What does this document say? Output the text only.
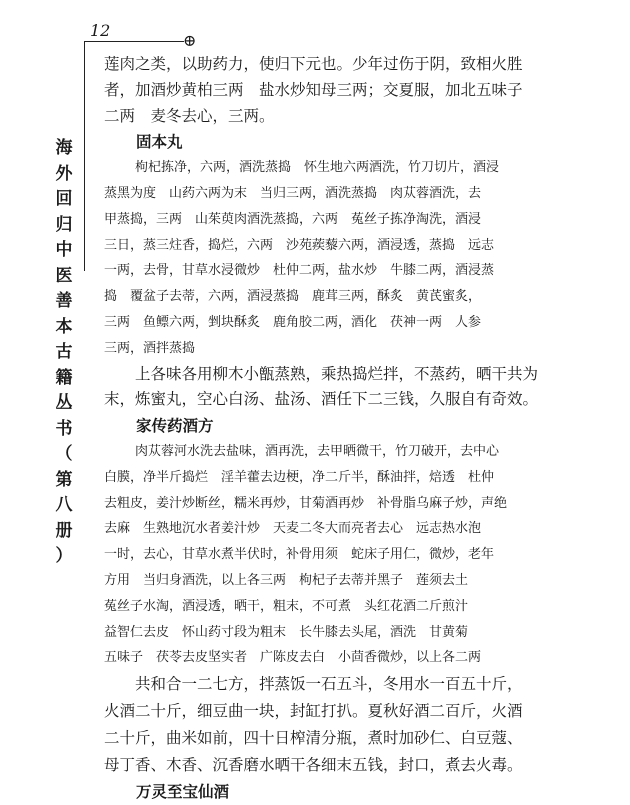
12
⊕
海
外
回
归
中
医
善
本
古
籍
丛
书
（
第
八
册
）
莲肉之类，以助药力，使归下元也。少年过伤于阴，致相火胜
者，加酒炒黄柏三两　盐水炒知母三两；交夏服，加北五味子
二两　麦冬去心，三两。
固本丸
枸杞拣净，六两，酒洗蒸捣　怀生地六两酒洗，竹刀切片，酒浸
蒸黑为度　山药六两为末　当归三两，酒洗蒸捣　肉苁蓉酒洗，去
甲蒸捣，三两　山茱萸肉酒洗蒸捣，六两　菟丝子拣净淘洗，酒浸
三日，蒸三炷香，捣烂，六两　沙苑蒺藜六两，酒浸透，蒸捣　远志
一两，去骨，甘草水浸微炒　杜仲二两，盐水炒　牛膝二两，酒浸蒸
捣　覆盆子去蒂，六两，酒浸蒸捣　鹿茸三两，酥炙　黄芪蜜炙，
三两　鱼鳔六两，剉块酥炙　鹿角胶二两，酒化　茯神一两　人参
三两，酒拌蒸捣
上各味各用柳木小甑蒸熟，乘热捣烂拌，不蒸药，晒干共为
末，炼蜜丸，空心白汤、盐汤、酒任下二三钱，久服自有奇效。
家传药酒方
肉苁蓉河水洗去盐味，酒再洗，去甲晒微干，竹刀破开，去中心
白膜，净半斤捣烂　淫羊藿去边梗，净二斤半，酥油拌，焙透　杜仲
去粗皮，姜汁炒断丝，糯米再炒，甘菊酒再炒　补骨脂乌麻子炒，声绝
去麻　生熟地沉水者姜汁炒　天麦二冬大而亮者去心　远志热水泡
一时，去心，甘草水煮半伏时，补骨用须　蛇床子用仁，微炒，老年
方用　当归身酒洗，以上各三两　枸杞子去蒂并黑子　莲须去土
菟丝子水淘，酒浸透，晒干，粗末，不可煮　头红花酒二斤煎汁
益智仁去皮　怀山药寸段为粗末　长牛膝去头尾，酒洗　甘黄菊
五味子　茯苓去皮坚实者　广陈皮去白　小茴香微炒，以上各二两
共和合一二七方，拌蒸饭一石五斗，冬用水一百五十斤，
火酒二十斤，细豆曲一块，封缸打扒。夏秋好酒二百斤，火酒
二十斤，曲米如前，四十日榨清分瓶，煮时加砂仁、白豆蔻、
母丁香、木香、沉香磨水晒干各细末五钱，封口，煮去火毒。
万灵至宝仙酒
